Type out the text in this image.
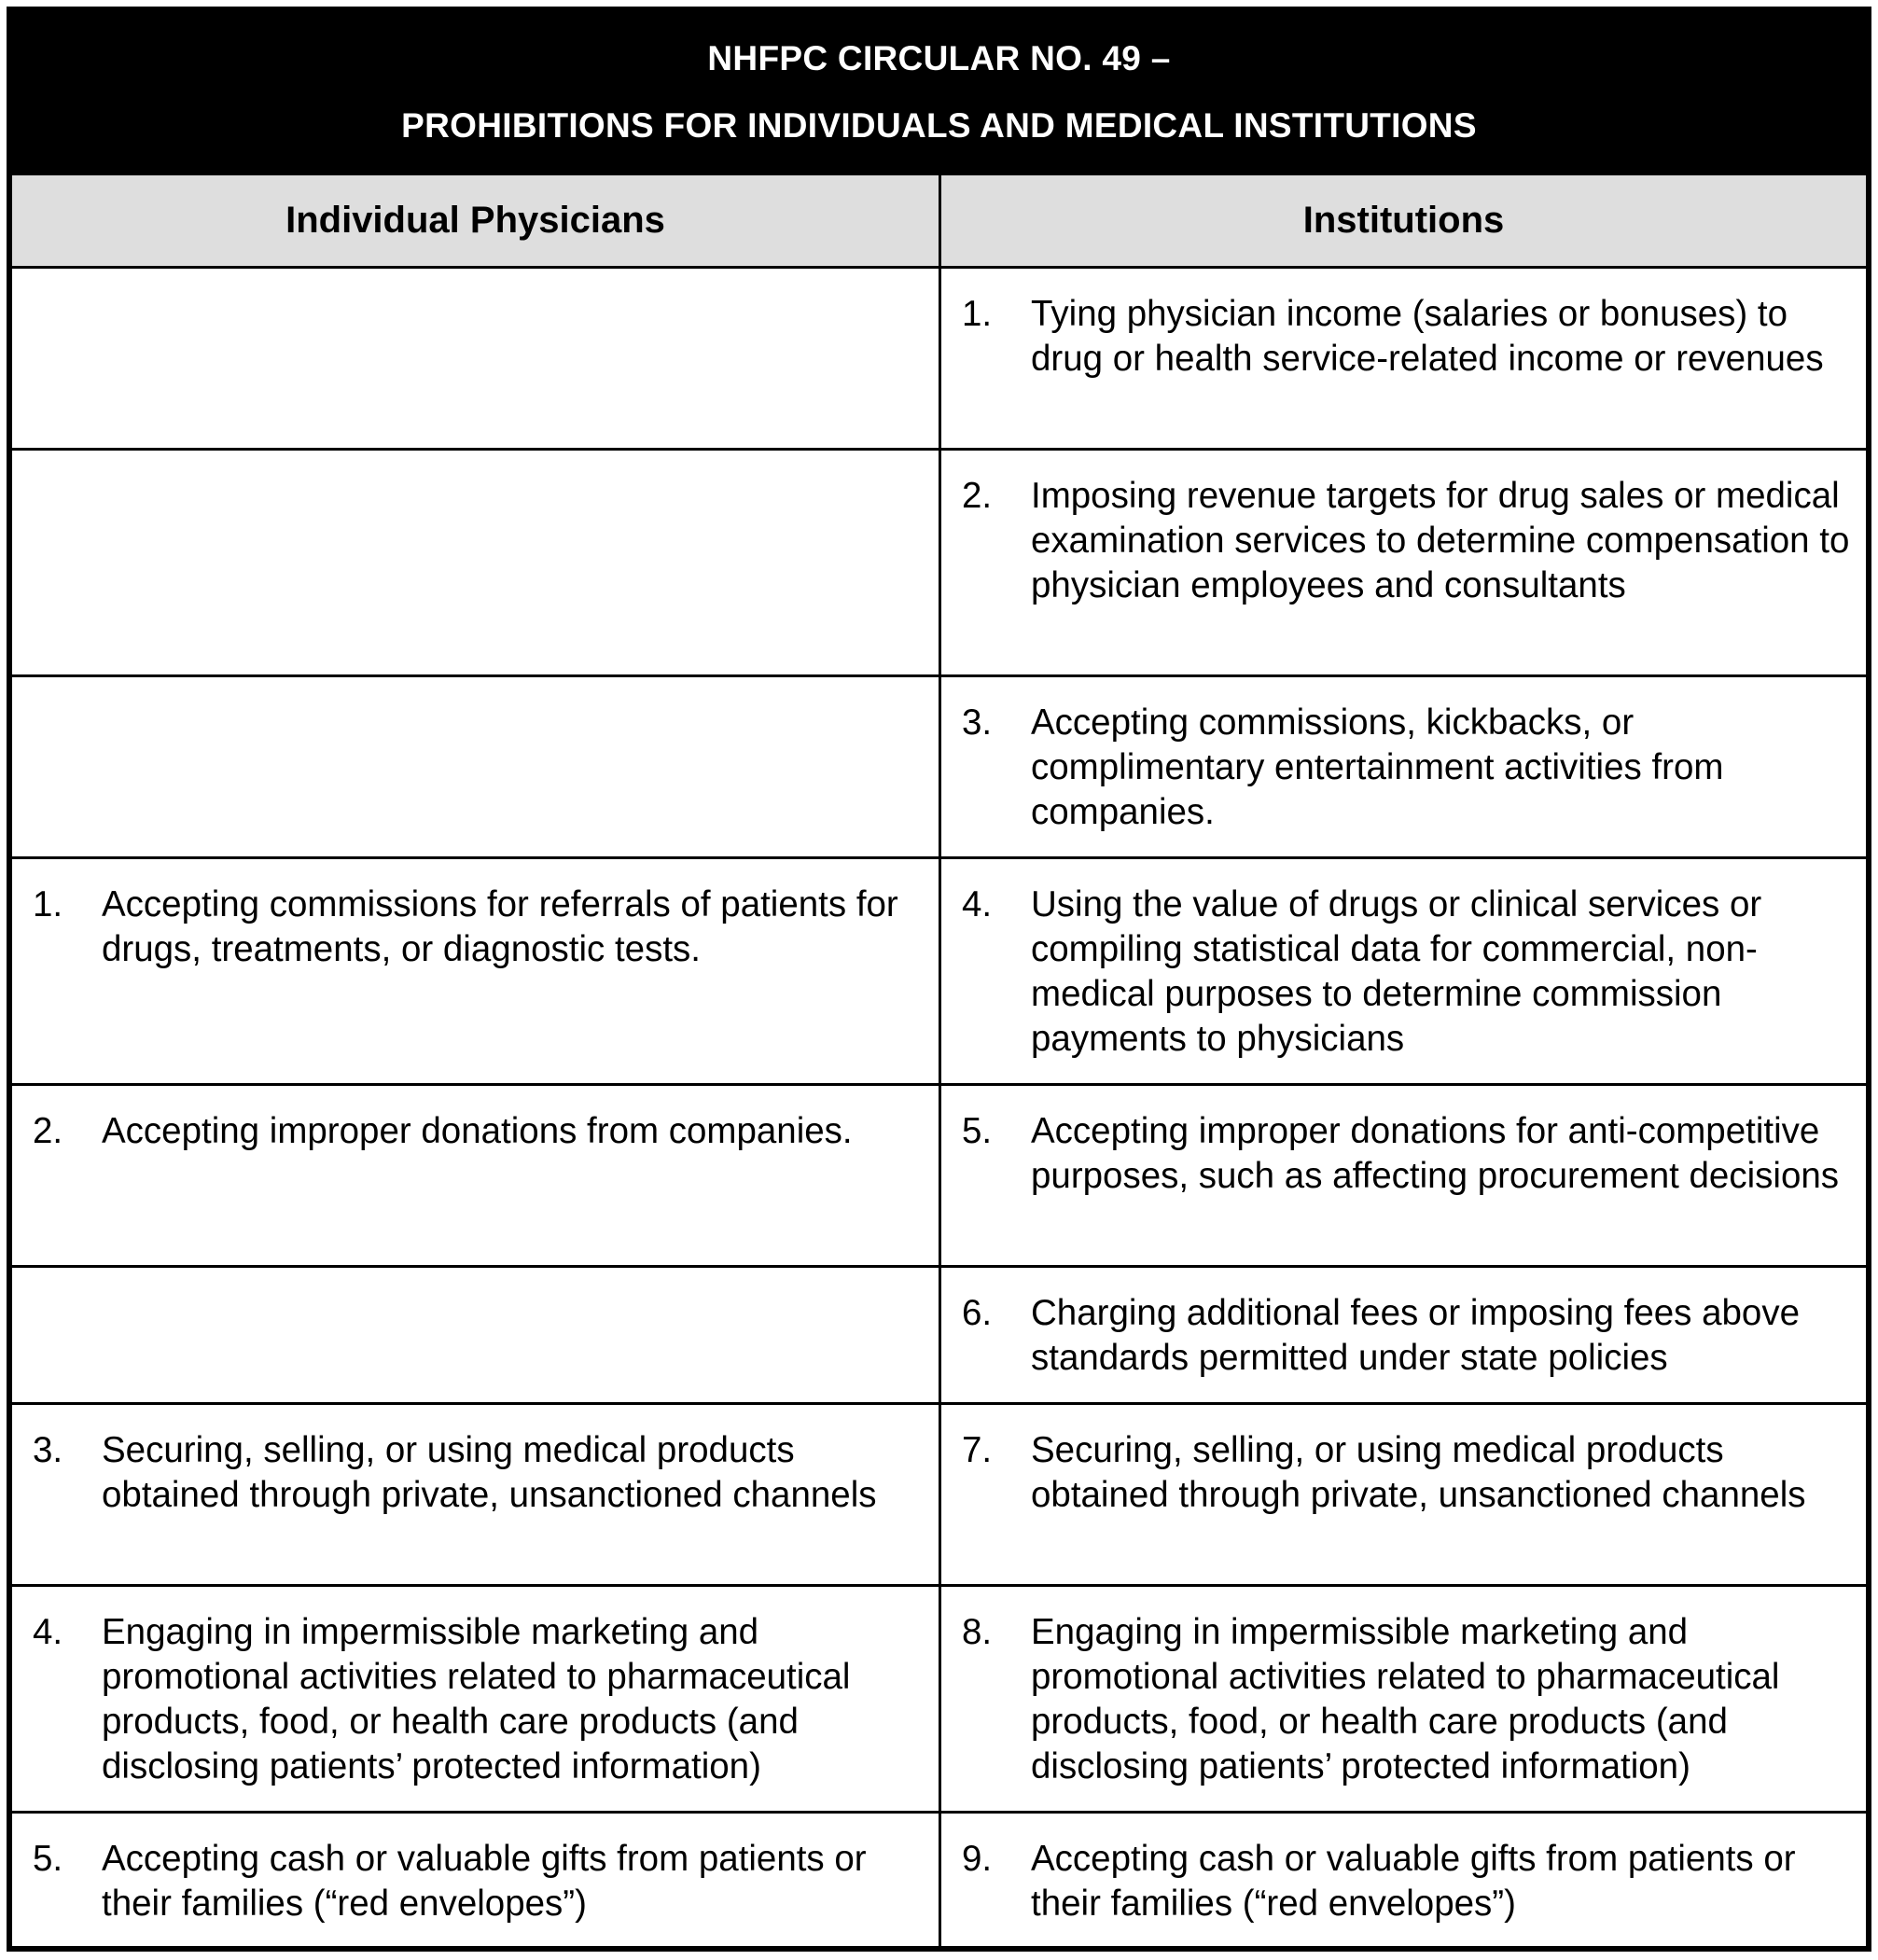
NHFPC CIRCULAR NO. 49 –
PROHIBITIONS FOR INDIVIDUALS AND MEDICAL INSTITUTIONS	

Individual Physicians	Institutions

	1. Tying physician income (salaries or bonuses) to drug or health service-related income or revenues

	2. Imposing revenue targets for drug sales or medical examination services to determine compensation to physician employees and consultants

	3. Accepting commissions, kickbacks, or complimentary entertainment activities from companies.

1. Accepting commissions for referrals of patients for drugs, treatments, or diagnostic tests.	4. Using the value of drugs or clinical services or compiling statistical data for commercial, non-medical purposes to determine commission payments to physicians

2. Accepting improper donations from companies.	5. Accepting improper donations for anti-competitive purposes, such as affecting procurement decisions

	6. Charging additional fees or imposing fees above standards permitted under state policies

3. Securing, selling, or using medical products obtained through private, unsanctioned channels	7. Securing, selling, or using medical products obtained through private, unsanctioned channels

4. Engaging in impermissible marketing and promotional activities related to pharmaceutical products, food, or health care products (and disclosing patients’ protected information)	8. Engaging in impermissible marketing and promotional activities related to pharmaceutical products, food, or health care products (and disclosing patients’ protected information)

5. Accepting cash or valuable gifts from patients or their families (“red envelopes”)	9. Accepting cash or valuable gifts from patients or their families (“red envelopes”)
